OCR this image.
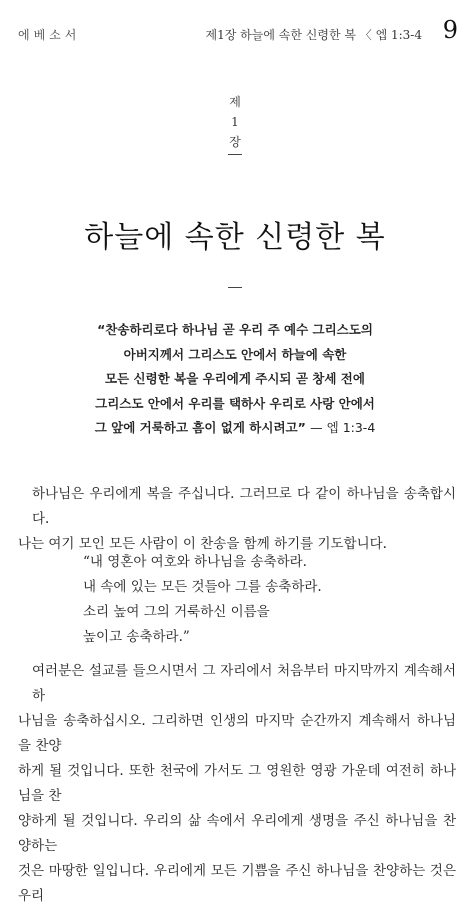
에베소서	제1장 하늘에 속한 신령한 복 〈 엡 1:3-4 9
제
1
장
하늘에 속한 신령한 복
“찬송하리로다 하나님 곧 우리 주 예수 그리스도의
아버지께서 그리스도 안에서 하늘에 속한
모든 신령한 복을 우리에게 주시되 곧 창세 전에
그리스도 안에서 우리를 택하사 우리로 사랑 안에서
그 앞에 거룩하고 흠이 없게 하시려고” — 엡 1:3-4
하나님은 우리에게 복을 주십니다. 그러므로 다 같이 하나님을 송축합시다.
나는 여기 모인 모든 사람이 이 찬송을 함께 하기를 기도합니다.
“내 영혼아 여호와 하나님을 송축하라.
내 속에 있는 모든 것들아 그를 송축하라.
소리 높여 그의 거룩하신 이름을
높이고 송축하라.”
여러분은 설교를 들으시면서 그 자리에서 처음부터 마지막까지 계속해서 하
나님을 송축하십시오. 그리하면 인생의 마지막 순간까지 계속해서 하나님을 찬양
하게 될 것입니다. 또한 천국에 가서도 그 영원한 영광 가운데 여전히 하나님을 찬
양하게 될 것입니다. 우리의 삶 속에서 우리에게 생명을 주신 하나님을 찬양하는
것은 마땅한 일입니다. 우리에게 모든 기쁨을 주신 하나님을 찬양하는 것은 우리
